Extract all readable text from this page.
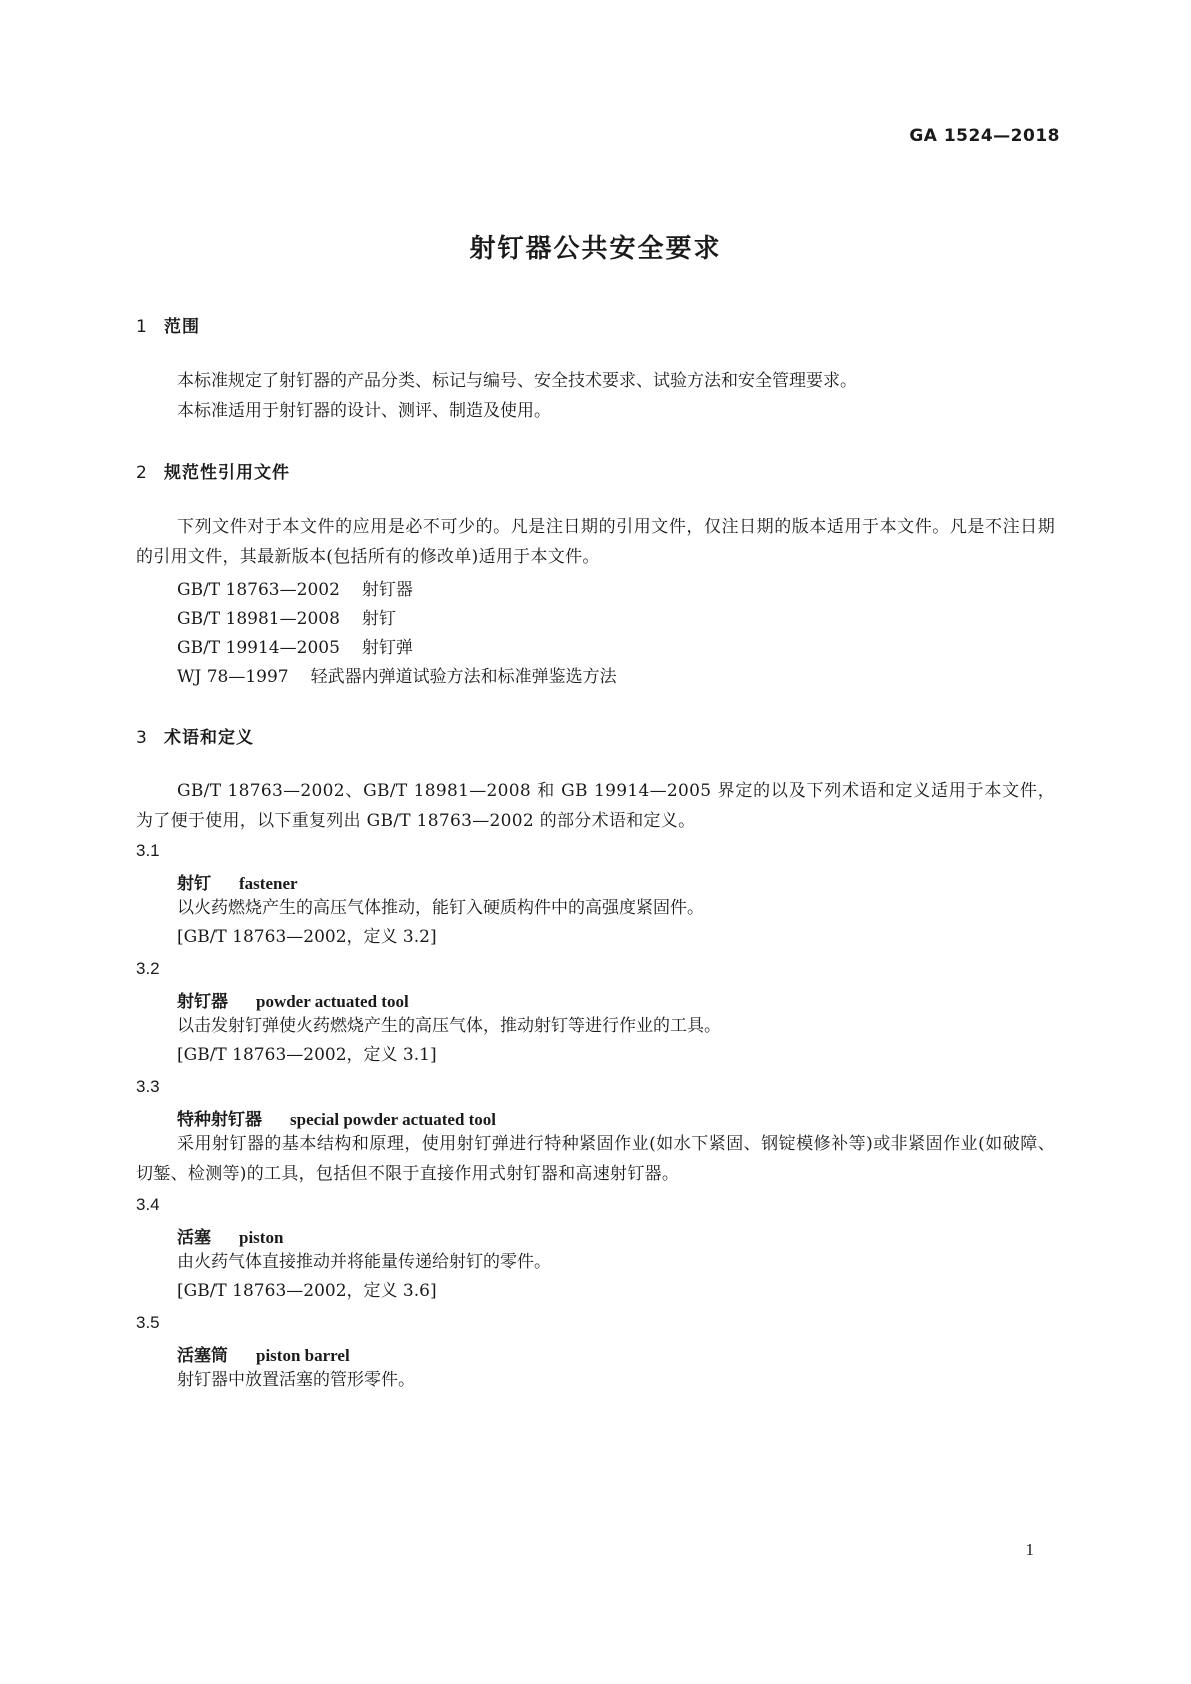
GA 1524—2018
射钉器公共安全要求
1 范围
本标准规定了射钉器的产品分类、标记与编号、安全技术要求、试验方法和安全管理要求。
本标准适用于射钉器的设计、测评、制造及使用。
2 规范性引用文件
下列文件对于本文件的应用是必不可少的。凡是注日期的引用文件，仅注日期的版本适用于本文件。凡是不注日期的引用文件，其最新版本(包括所有的修改单)适用于本文件。
GB/T 18763—2002 射钉器
GB/T 18981—2008 射钉
GB/T 19914—2005 射钉弹
WJ 78—1997 轻武器内弹道试验方法和标准弹鉴选方法
3 术语和定义
GB/T 18763—2002、GB/T 18981—2008 和 GB 19914—2005 界定的以及下列术语和定义适用于本文件，为了便于使用，以下重复列出 GB/T 18763—2002 的部分术语和定义。
3.1
射钉 fastener
以火药燃烧产生的高压气体推动，能钉入硬质构件中的高强度紧固件。
[GB/T 18763—2002，定义 3.2]
3.2
射钉器 powder actuated tool
以击发射钉弹使火药燃烧产生的高压气体，推动射钉等进行作业的工具。
[GB/T 18763—2002，定义 3.1]
3.3
特种射钉器 special powder actuated tool
采用射钉器的基本结构和原理，使用射钉弹进行特种紧固作业(如水下紧固、钢锭模修补等)或非紧固作业(如破障、切錾、检测等)的工具，包括但不限于直接作用式射钉器和高速射钉器。
3.4
活塞 piston
由火药气体直接推动并将能量传递给射钉的零件。
[GB/T 18763—2002，定义 3.6]
3.5
活塞筒 piston barrel
射钉器中放置活塞的管形零件。
1
